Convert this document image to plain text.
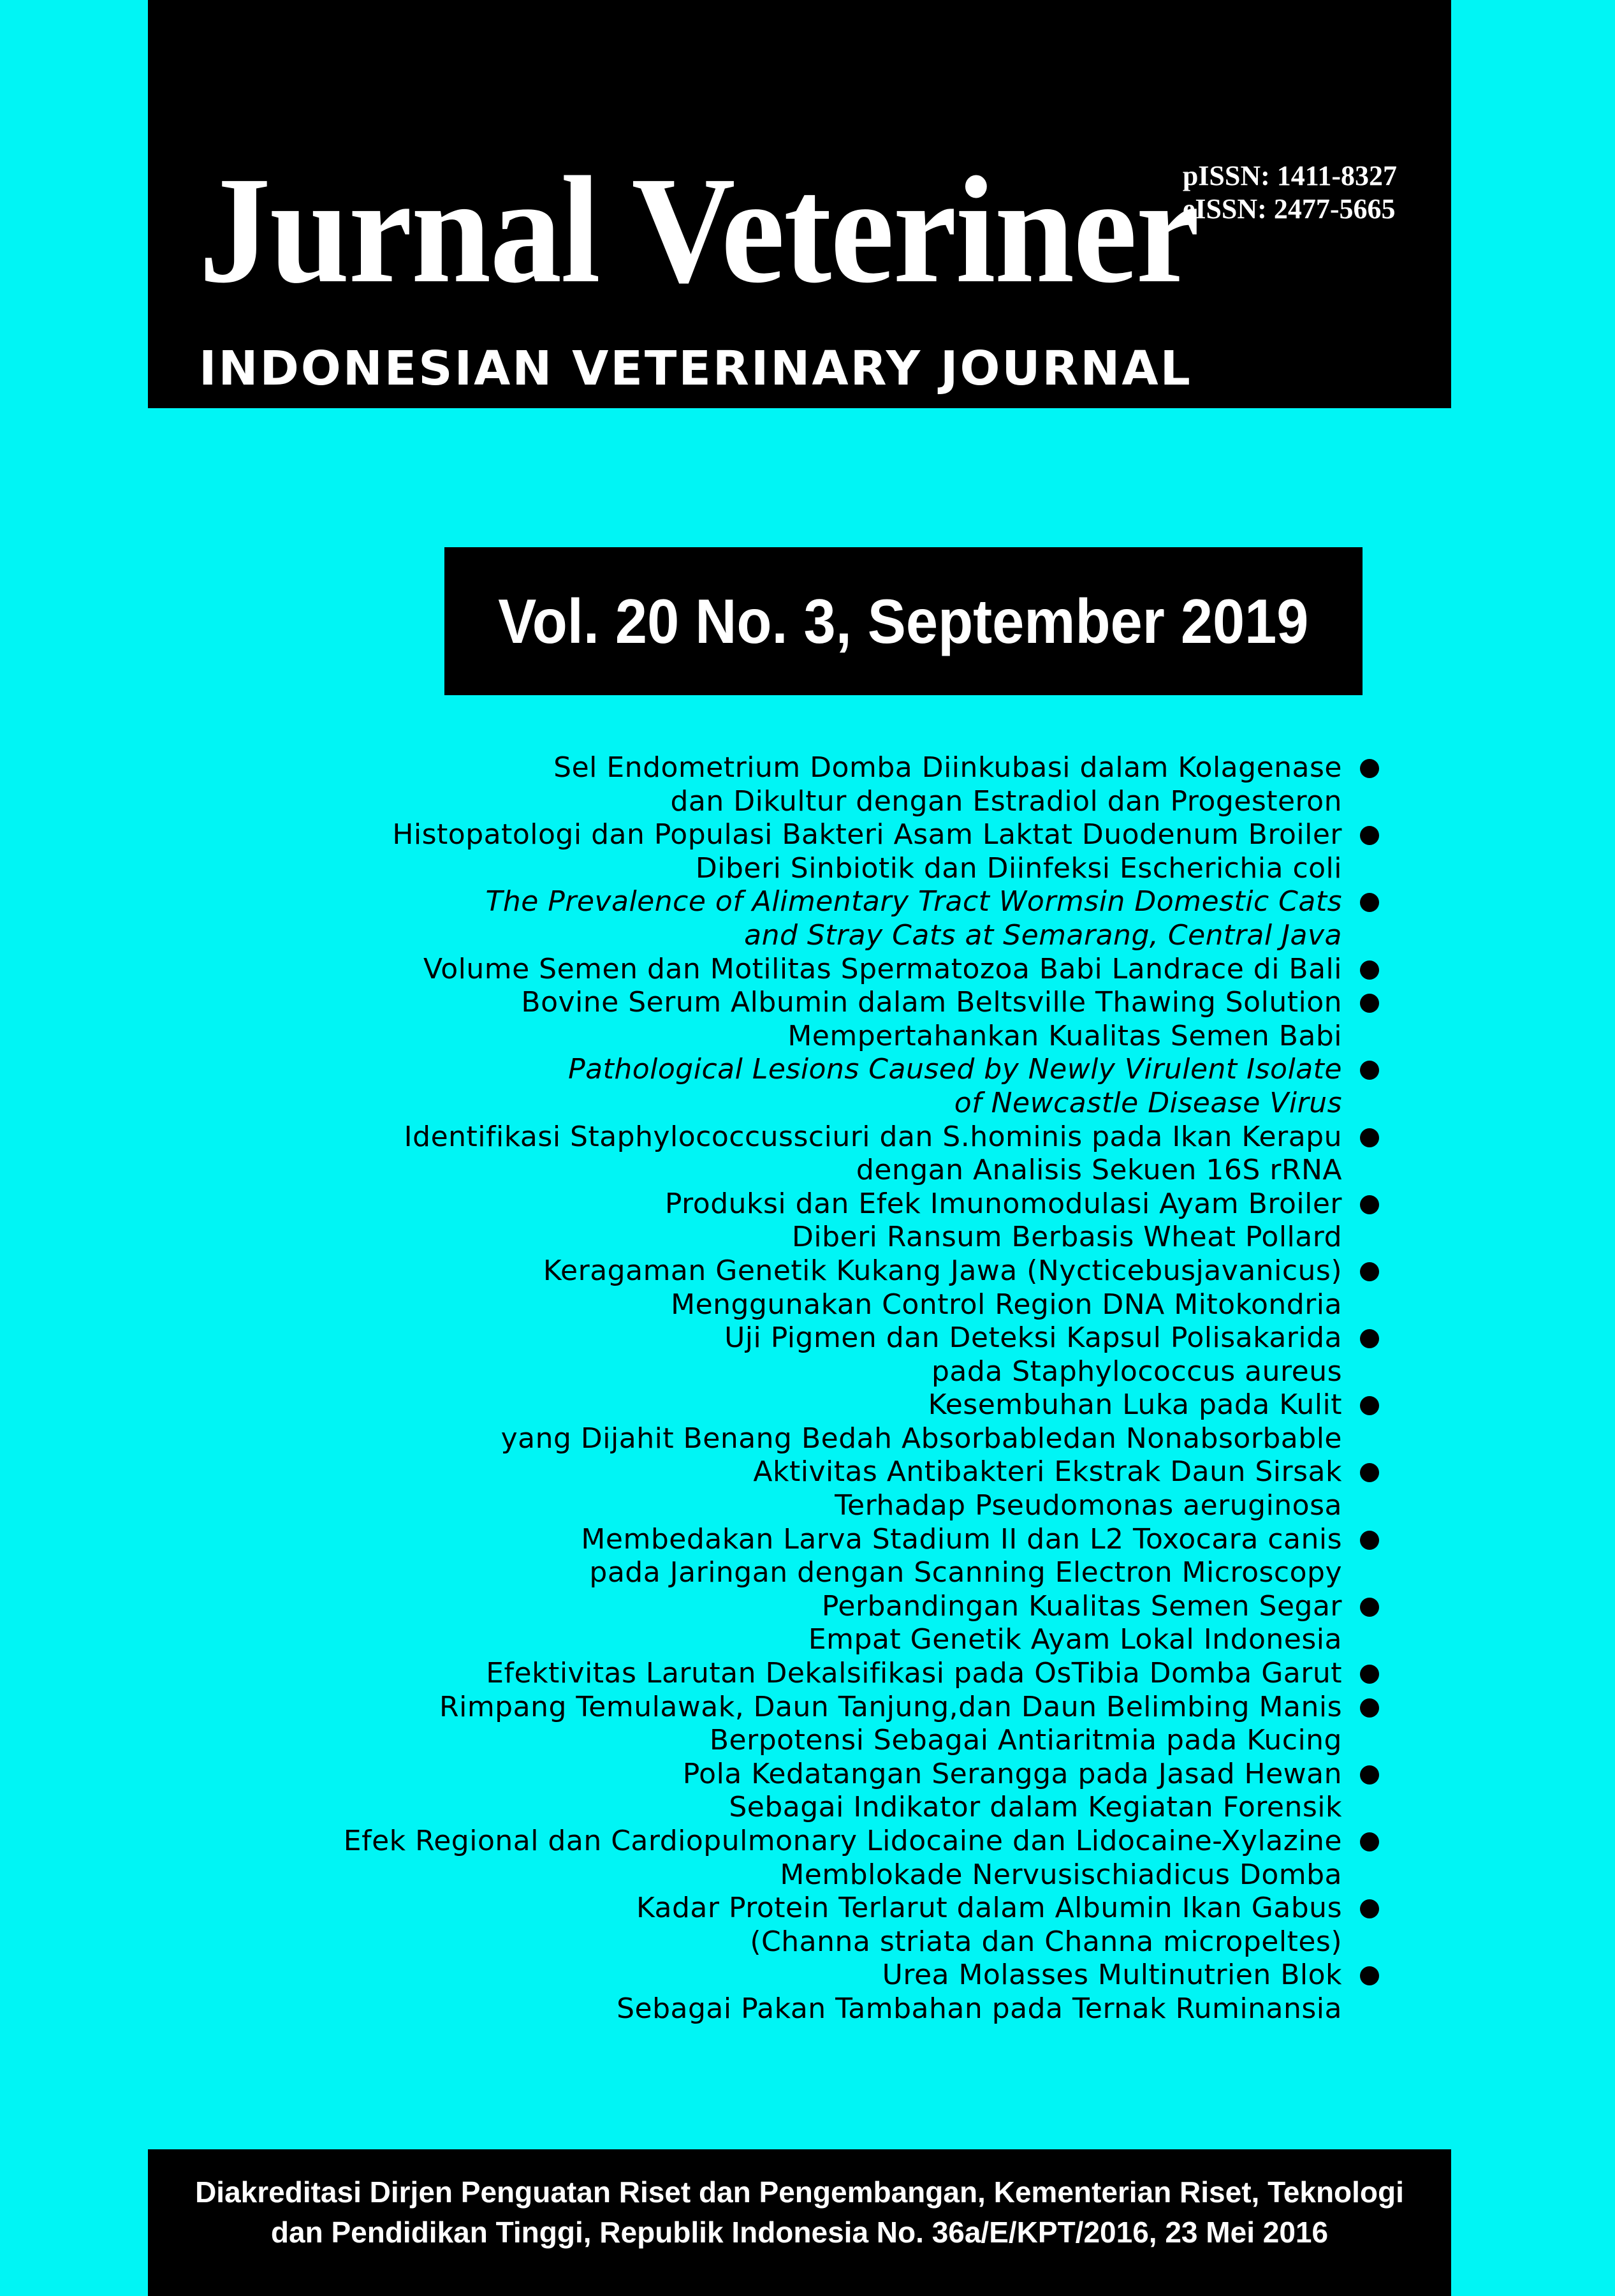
Jurnal Veteriner
pISSN: 1411-8327
eISSN: 2477-5665
INDONESIAN VETERINARY JOURNAL
Vol. 20 No. 3, September 2019
Sel Endometrium Domba Diinkubasi dalam Kolagenase
dan Dikultur dengan Estradiol dan Progesteron
Histopatologi dan Populasi Bakteri Asam Laktat Duodenum Broiler
Diberi Sinbiotik dan Diinfeksi Escherichia coli
The Prevalence of Alimentary Tract Wormsin Domestic Cats
and Stray Cats at Semarang, Central Java
Volume Semen dan Motilitas Spermatozoa Babi Landrace di Bali
Bovine Serum Albumin dalam Beltsville Thawing Solution
Mempertahankan Kualitas Semen Babi
Pathological Lesions Caused by Newly Virulent Isolate
of Newcastle Disease Virus
Identifikasi Staphylococcussciuri dan S.hominis pada Ikan Kerapu
dengan Analisis Sekuen 16S rRNA
Produksi dan Efek Imunomodulasi Ayam Broiler
Diberi Ransum Berbasis Wheat Pollard
Keragaman Genetik Kukang Jawa (Nycticebusjavanicus)
Menggunakan Control Region DNA Mitokondria
Uji Pigmen dan Deteksi Kapsul Polisakarida
pada Staphylococcus aureus
Kesembuhan Luka pada Kulit
yang Dijahit Benang Bedah Absorbabledan Nonabsorbable
Aktivitas Antibakteri Ekstrak Daun Sirsak
Terhadap Pseudomonas aeruginosa
Membedakan Larva Stadium II dan L2 Toxocara canis
pada Jaringan dengan Scanning Electron Microscopy
Perbandingan Kualitas Semen Segar
Empat Genetik Ayam Lokal Indonesia
Efektivitas Larutan Dekalsifikasi pada OsTibia Domba Garut
Rimpang Temulawak, Daun Tanjung,dan Daun Belimbing Manis
Berpotensi Sebagai Antiaritmia pada Kucing
Pola Kedatangan Serangga pada Jasad Hewan
Sebagai Indikator dalam Kegiatan Forensik
Efek Regional dan Cardiopulmonary Lidocaine dan Lidocaine-Xylazine
Memblokade Nervusischiadicus Domba
Kadar Protein Terlarut dalam Albumin Ikan Gabus
(Channa striata dan Channa micropeltes)
Urea Molasses Multinutrien Blok
Sebagai Pakan Tambahan pada Ternak Ruminansia
Diakreditasi Dirjen Penguatan Riset dan Pengembangan, Kementerian Riset, Teknologi
dan Pendidikan Tinggi, Republik Indonesia No. 36a/E/KPT/2016, 23 Mei 2016
